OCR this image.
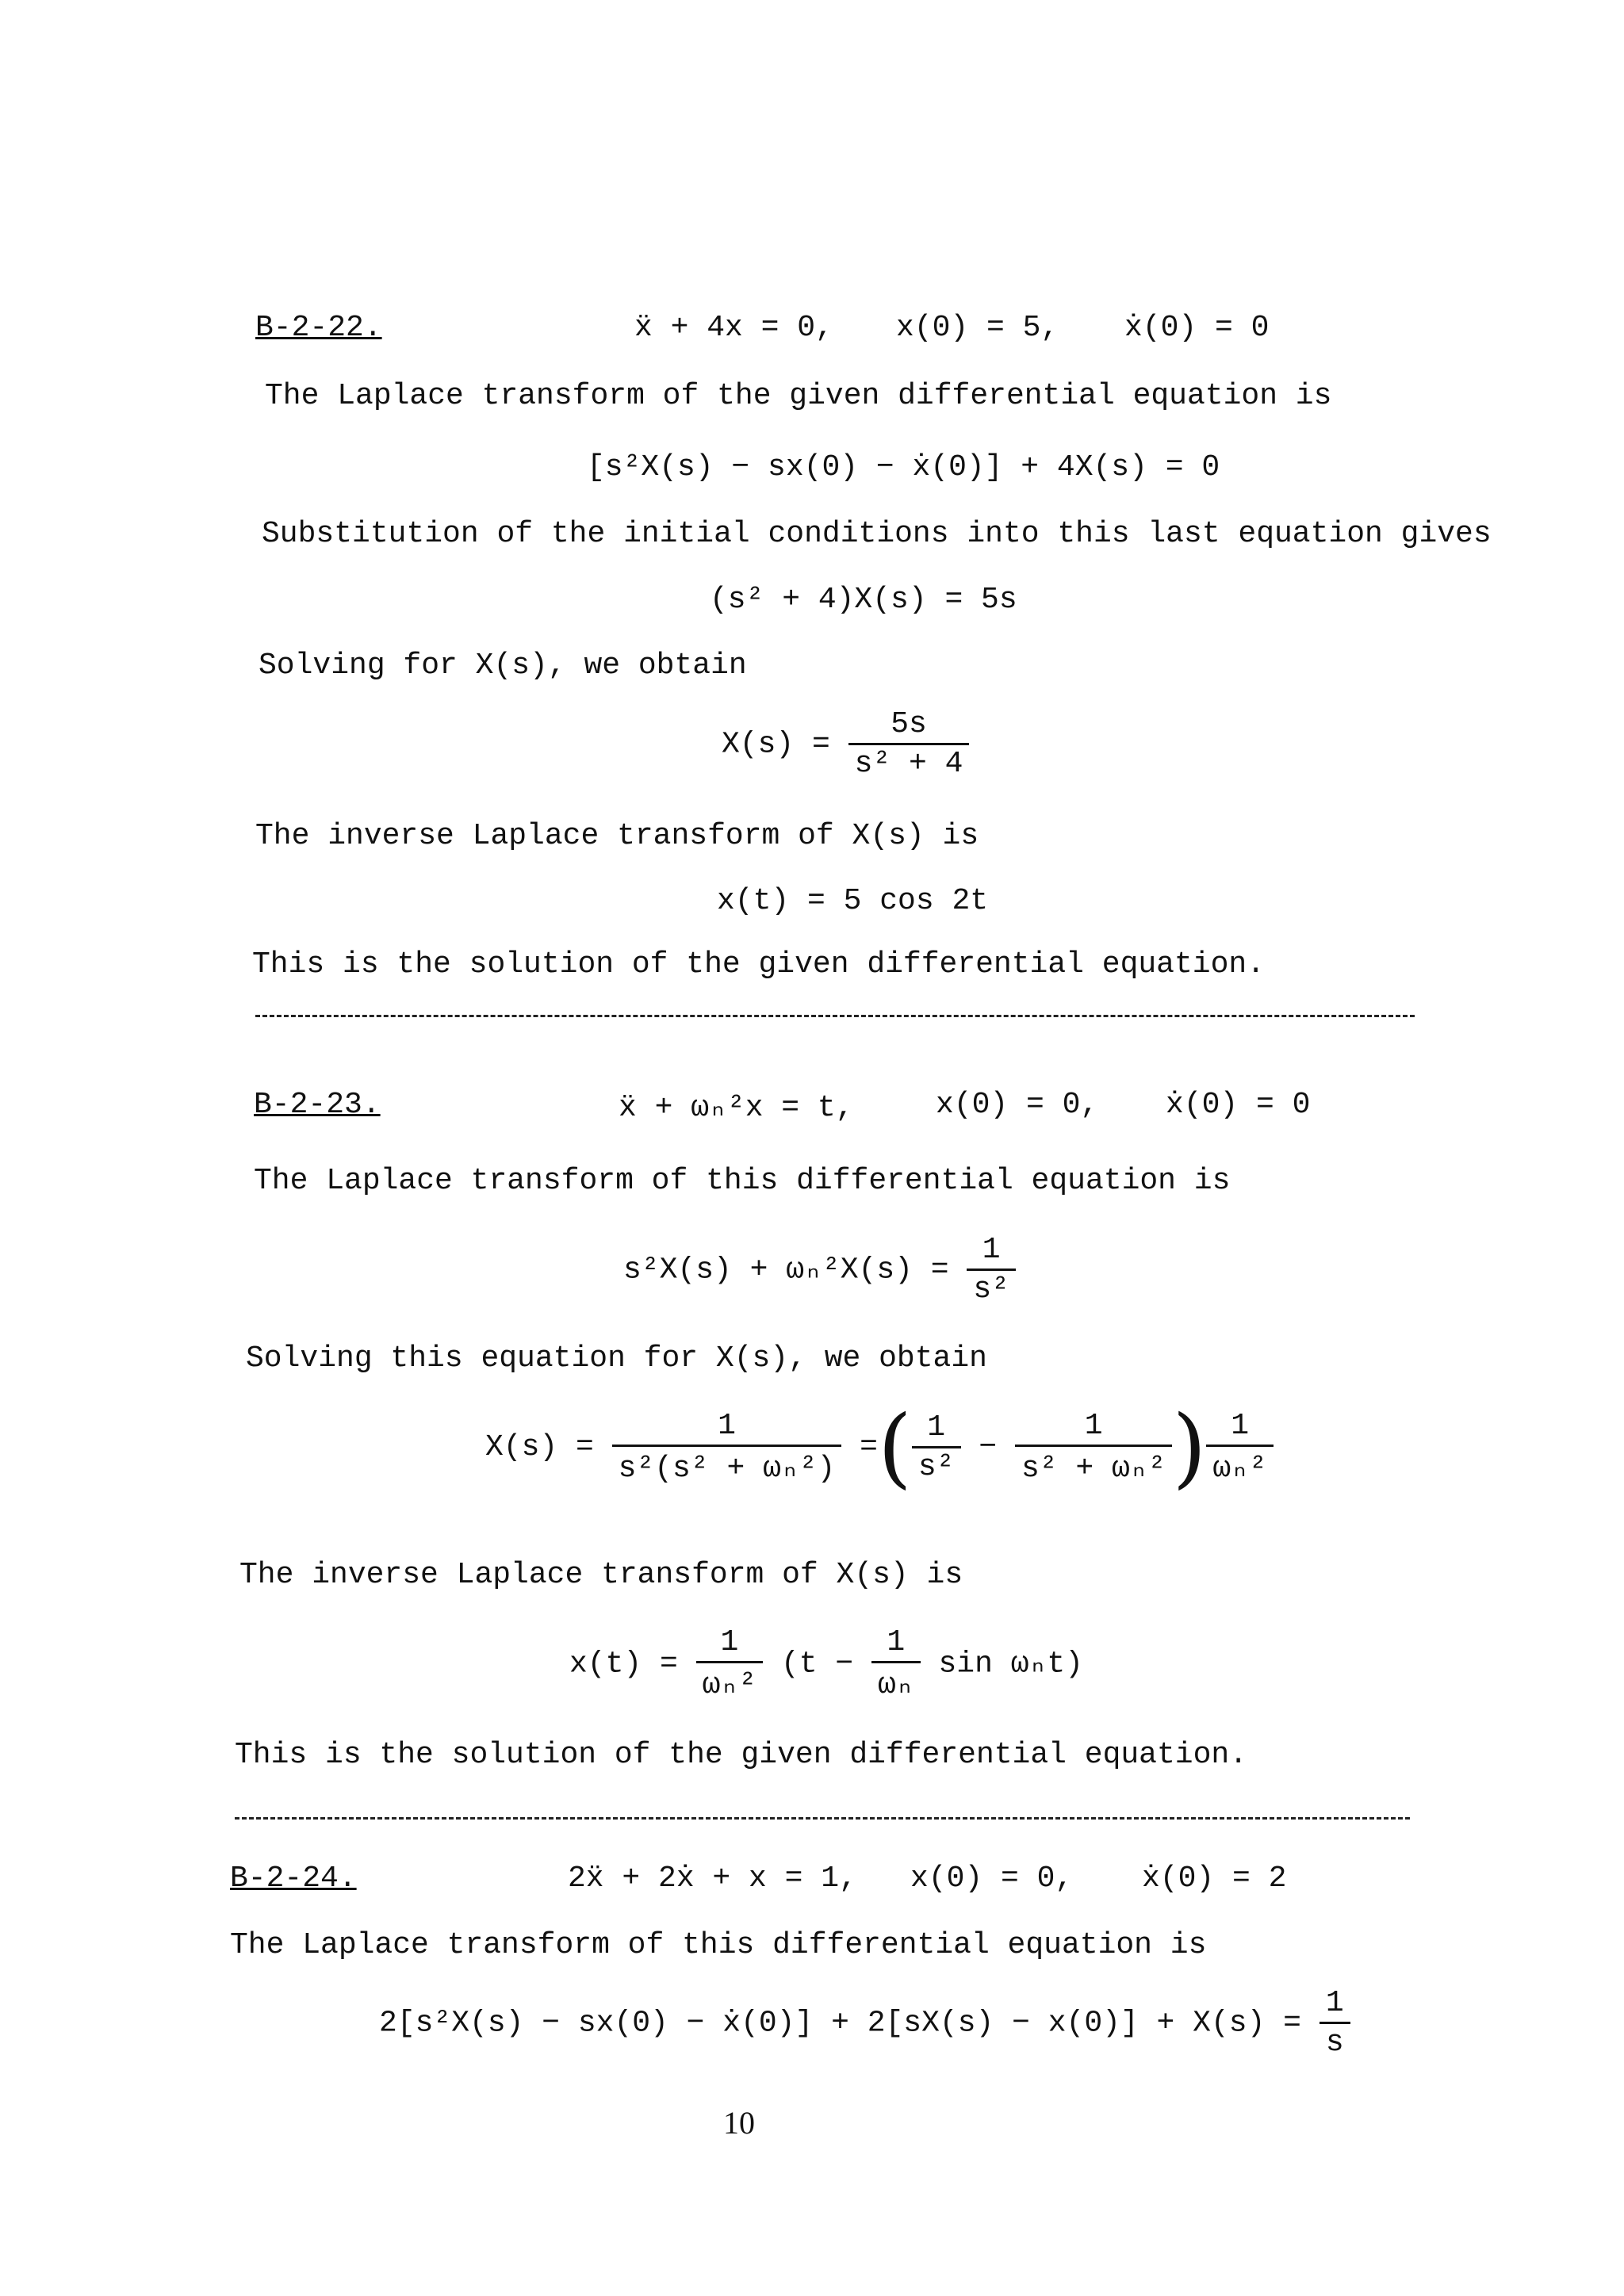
B-2-22.	ẍ + 4x = 0, x(0) = 5, ẋ(0) = 0
The Laplace transform of the given differential equation is
[s²X(s) − sx(0) − ẋ(0)] + 4X(s) = 0
Substitution of the initial conditions into this last equation gives
(s² + 4)X(s) = 5s
Solving for X(s), we obtain
$X(s) = \frac{5s}{\text{s² + 4}}$
The inverse Laplace transform of X(s) is
x(t) = 5 cos 2t
This is the solution of the given differential equation.
B-2-23.	ẍ + ωₙ²x = t,	x(0) = 0, ẋ(0) = 0
The Laplace transform of this differential equation is
$s^2X(s) + \omega_n^2X(s) = \frac{1}{\text{s²}}$
Solving this equation for X(s), we obtain
$X(s) = \frac{1}{\text{s²(s² + ωₙ²)}}$ =( $\frac{1}{\text{s²}} - \frac{1}{\text{s² + ωₙ²}}$ ) $\frac{1}{\text{ωₙ²}}$
The inverse Laplace transform of X(s) is
$x(t) = \frac{1}{\text{ωₙ²}} (t - \frac{1}{\text{ωₙ}}$ sin ωₙt)
This is the solution of the given differential equation.
B-2-24.	2ẍ + 2ẋ + x = 1, x(0) = 0, ẋ(0) = 2
The Laplace transform of this differential equation is
2[s²X(s) − sx(0) − ẋ(0)] + $2[sX(s) - x(0)] + X(s) = \frac{1}{s}$
10
